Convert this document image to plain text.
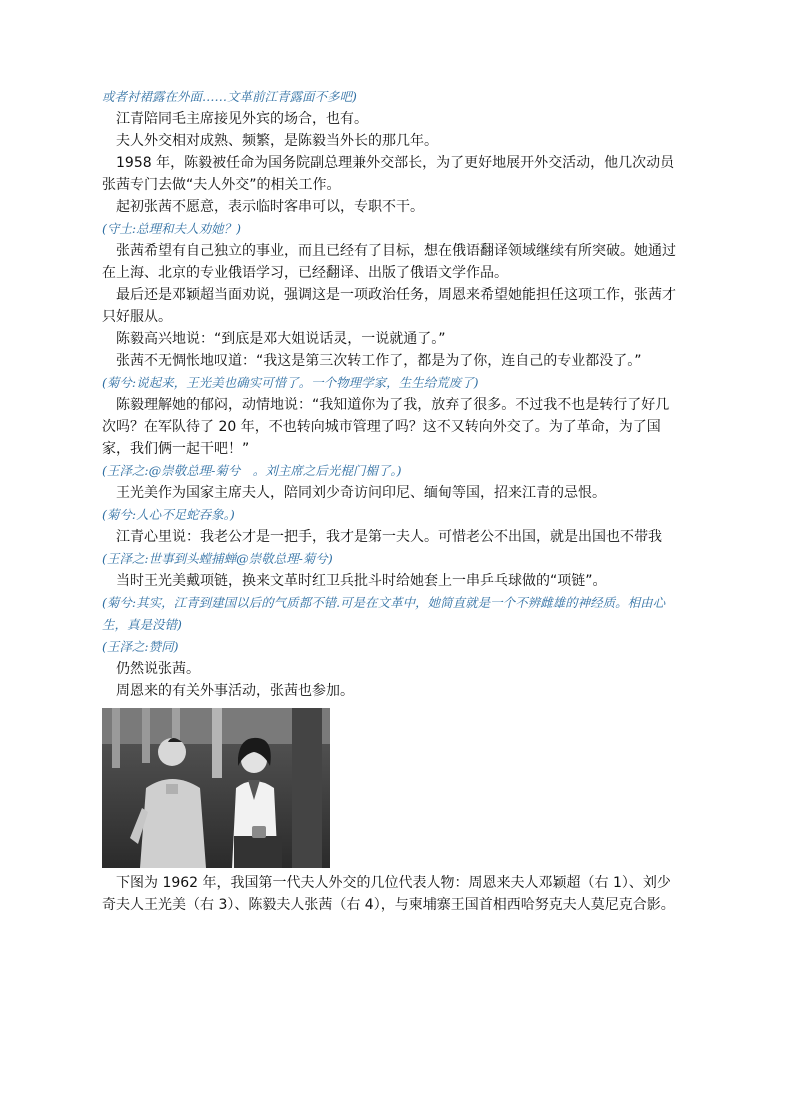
或者衬裙露在外面……文革前江青露面不多吧)

江青陪同毛主席接见外宾的场合，也有。

夫人外交相对成熟、频繁，是陈毅当外长的那几年。

1958 年，陈毅被任命为国务院副总理兼外交部长，为了更好地展开外交活动，他几次动员张茜专门去做“夫人外交”的相关工作。

起初张茜不愿意，表示临时客串可以，专职不干。

(守土:总理和夫人劝她？)

张茜希望有自己独立的事业，而且已经有了目标，想在俄语翻译领域继续有所突破。她通过在上海、北京的专业俄语学习，已经翻译、出版了俄语文学作品。

最后还是邓颖超当面劝说，强调这是一项政治任务，周恩来希望她能担任这项工作，张茜才只好服从。

陈毅高兴地说：“到底是邓大姐说话灵，一说就通了。”

张茜不无惆怅地叹道：“我这是第三次转工作了，都是为了你，连自己的专业都没了。”

(菊兮:说起来，王光美也确实可惜了。一个物理学家，生生给荒废了)

陈毅理解她的郁闷，动情地说：“我知道你为了我，放弃了很多。不过我不也是转行了好几次吗？在军队待了 20 年，不也转向城市管理了吗？这不又转向外交了。为了革命，为了国家，我们俩一起干吧！”

(王泽之:@崇敬总理-菊兮　。刘主席之后光棍门楣了。)

王光美作为国家主席夫人，陪同刘少奇访问印尼、缅甸等国，招来江青的忌恨。

(菊兮:人心不足蛇吞象。)

江青心里说：我老公才是一把手，我才是第一夫人。可惜老公不出国，就是出国也不带我

(王泽之:世事到头螳捕蝉@崇敬总理-菊兮)

当时王光美戴项链，换来文革时红卫兵批斗时给她套上一串乒乓球做的“项链”。

(菊兮:其实，江青到建国以后的气质都不错.可是在文革中，她简直就是一个不辨雌雄的神经质。相由心生，真是没错)

(王泽之:赞同)

仍然说张茜。

周恩来的有关外事活动，张茜也参加。

下图为 1962 年，我国第一代夫人外交的几位代表人物：周恩来夫人邓颖超（右 1）、刘少奇夫人王光美（右 3）、陈毅夫人张茜（右 4），与柬埔寨王国首相西哈努克夫人莫尼克合影。
